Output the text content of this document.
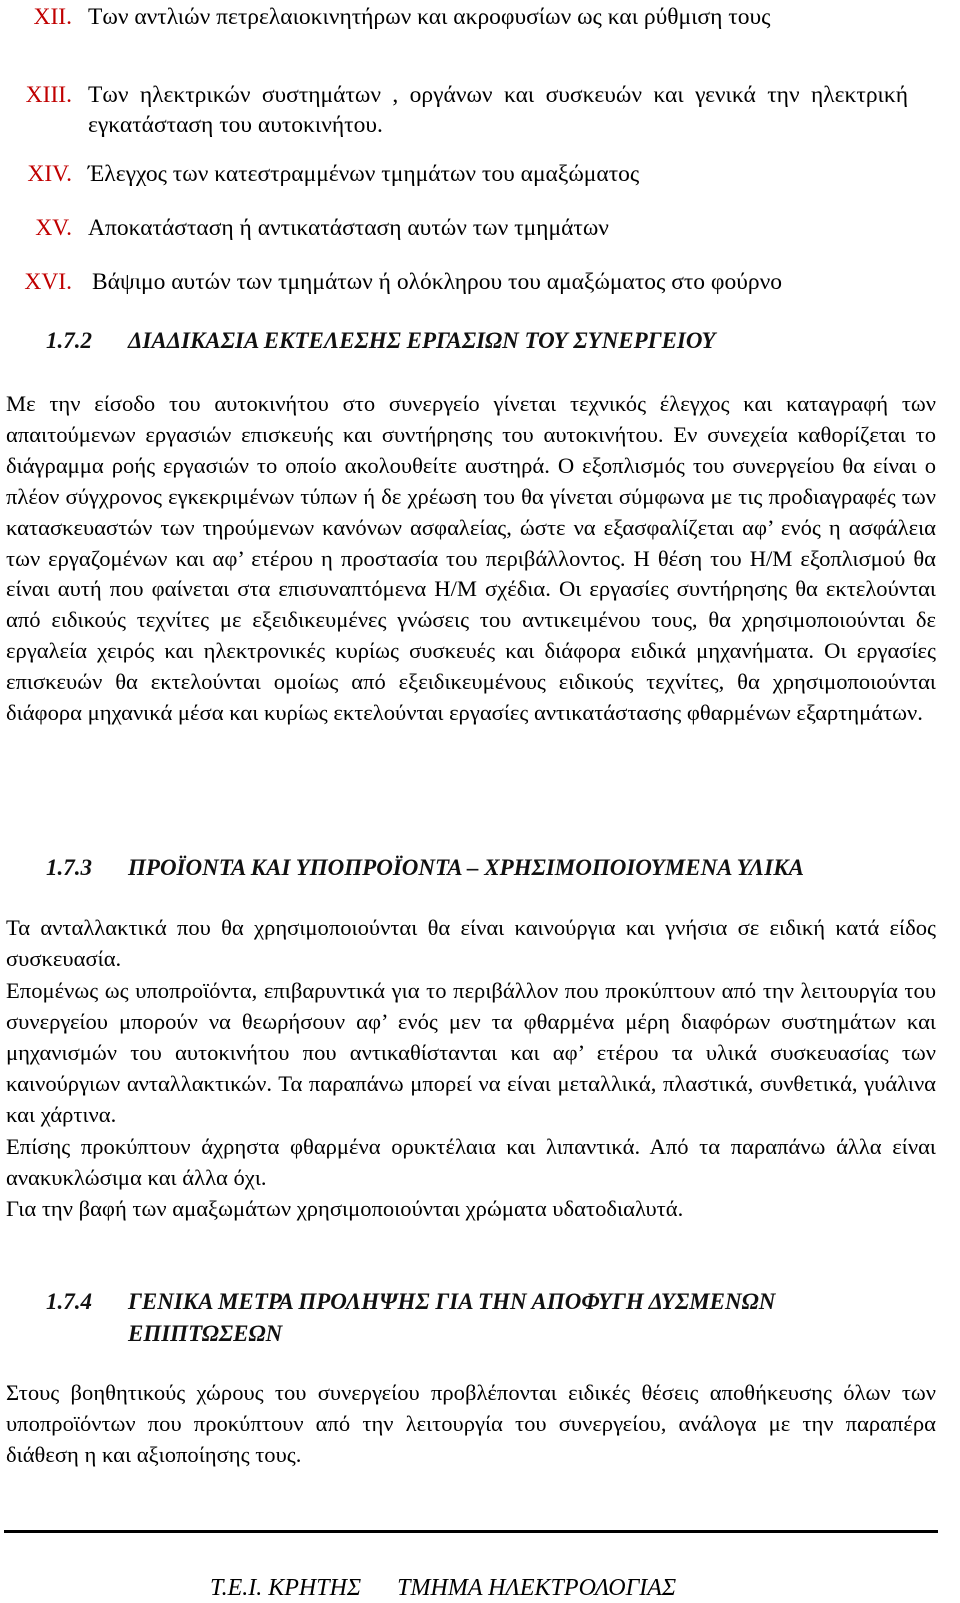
XII. Των αντλιών πετρελαιοκινητήρων και ακροφυσίων ως και ρύθμιση τους
XIII. Των ηλεκτρικών συστημάτων , οργάνων και συσκευών και γενικά την ηλεκτρική εγκατάσταση του αυτοκινήτου.
XIV. Έλεγχος των κατεστραμμένων τμημάτων του αμαξώματος
XV. Αποκατάσταση ή αντικατάσταση αυτών των τμημάτων
XVI. Βάψιμο αυτών των τμημάτων ή ολόκληρου του αμαξώματος στο φούρνο
1.7.2 ΔΙΑΔΙΚΑΣΙΑ ΕΚΤΕΛΕΣΗΣ ΕΡΓΑΣΙΩΝ ΤΟΥ ΣΥΝΕΡΓΕΙΟΥ
Με την είσοδο του αυτοκινήτου στο συνεργείο γίνεται τεχνικός έλεγχος και καταγραφή των απαιτούμενων εργασιών επισκευής και συντήρησης του αυτοκινήτου. Εν συνεχεία καθορίζεται το διάγραμμα ροής εργασιών το οποίο ακολουθείτε αυστηρά. Ο εξοπλισμός του συνεργείου θα είναι ο πλέον σύγχρονος εγκεκριμένων τύπων ή δε χρέωση του θα γίνεται σύμφωνα με τις προδιαγραφές των κατασκευαστών των τηρούμενων κανόνων ασφαλείας, ώστε να εξασφαλίζεται αφ’ ενός η ασφάλεια των εργαζομένων και αφ’ ετέρου η προστασία του περιβάλλοντος. Η θέση του Η/Μ εξοπλισμού θα είναι αυτή που φαίνεται στα επισυναπτόμενα Η/Μ σχέδια. Οι εργασίες συντήρησης θα εκτελούνται από ειδικούς τεχνίτες με εξειδικευμένες γνώσεις του αντικειμένου τους, θα χρησιμοποιούνται δε εργαλεία χειρός και ηλεκτρονικές κυρίως συσκευές και διάφορα ειδικά μηχανήματα. Οι εργασίες επισκευών θα εκτελούνται ομοίως από εξειδικευμένους ειδικούς τεχνίτες, θα χρησιμοποιούνται διάφορα μηχανικά μέσα και κυρίως εκτελούνται εργασίες αντικατάστασης φθαρμένων εξαρτημάτων.
1.7.3 ΠΡΟΪΟΝΤΑ ΚΑΙ ΥΠΟΠΡΟΪΟΝΤΑ – ΧΡΗΣΙΜΟΠΟΙΟΥΜΕΝΑ ΥΛΙΚΑ
Τα ανταλλακτικά που θα χρησιμοποιούνται θα είναι καινούργια και γνήσια σε ειδική κατά είδος συσκευασία.
Επομένως ως υποπροϊόντα, επιβαρυντικά για το περιβάλλον που προκύπτουν από την λειτουργία του συνεργείου μπορούν να θεωρήσουν αφ’ ενός μεν τα φθαρμένα μέρη διαφόρων συστημάτων και μηχανισμών του αυτοκινήτου που αντικαθίστανται και αφ’ ετέρου τα υλικά συσκευασίας των καινούργιων ανταλλακτικών. Τα παραπάνω μπορεί να είναι μεταλλικά, πλαστικά, συνθετικά, γυάλινα και χάρτινα.
Επίσης προκύπτουν άχρηστα φθαρμένα ορυκτέλαια και λιπαντικά. Από τα παραπάνω άλλα είναι ανακυκλώσιμα και άλλα όχι.
Για την βαφή των αμαξωμάτων χρησιμοποιούνται χρώματα υδατοδιαλυτά.
1.7.4 ΓΕΝΙΚΑ ΜΕΤΡΑ ΠΡΟΛΗΨΗΣ ΓΙΑ ΤΗΝ ΑΠΟΦΥΓΗ ΔΥΣΜΕΝΩΝ ΕΠΙΠΤΩΣΕΩΝ
Στους βοηθητικούς χώρους του συνεργείου προβλέπονται ειδικές θέσεις αποθήκευσης όλων των υποπροϊόντων που προκύπτουν από την λειτουργία του συνεργείου, ανάλογα με την παραπέρα διάθεση η και αξιοποίησης τους.
Τ.Ε.Ι. ΚΡΗΤΗΣ ΤΜΗΜΑ ΗΛΕΚΤΡΟΛΟΓΙΑΣ
